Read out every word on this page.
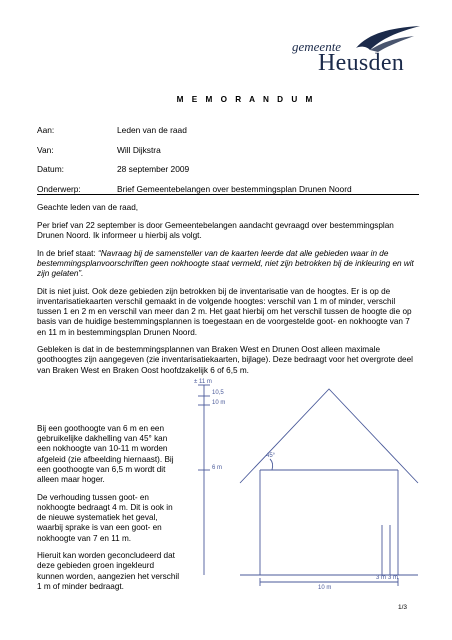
gemeente
Heusden
M E M O R A N D U M
Aan:	Leden van de raad
Van:	Will Dijkstra
Datum:	28 september 2009
Onderwerp:	Brief Gemeentebelangen over bestemmingsplan Drunen Noord

Geachte leden van de raad,

Per brief van 22 september is door Gemeentebelangen aandacht gevraagd over bestemmingsplan Drunen Noord. Ik informeer u hierbij als volgt.

In de brief staat: “Navraag bij de samensteller van de kaarten leerde dat alle gebieden waar in de bestemmingsplanvoorschriften geen nokhoogte staat vermeld, niet zijn betrokken bij de inkleuring en wit zijn gelaten”.

Dit is niet juist. Ook deze gebieden zijn betrokken bij de inventarisatie van de hoogtes. Er is op de inventarisatiekaarten verschil gemaakt in de volgende hoogtes: verschil van 1 m of minder, verschil tussen 1 en 2 m en verschil van meer dan 2 m. Het gaat hierbij om het verschil tussen de hoogte die op basis van de huidige bestemmingsplannen is toegestaan en de voorgestelde goot- en nokhoogte van 7 en 11 m in bestemmingsplan Drunen Noord.

Gebleken is dat in de bestemmingsplannen van Braken West en Drunen Oost alleen maximale goothoogtes zijn aangegeven (zie inventarisatiekaarten, bijlage). Deze bedraagt voor het overgrote deel van Braken West en Braken Oost hoofdzakelijk 6 of 6,5 m.

Bij een goothoogte van 6 m en een gebruikelijke dakhelling van 45° kan een nokhoogte van 10-11 m worden afgeleid (zie afbeelding hiernaast). Bij een goothoogte van 6,5 m wordt dit alleen maar hoger.

De verhouding tussen goot- en nokhoogte bedraagt 4 m. Dit is ook in de nieuwe systematiek het geval, waarbij sprake is van een goot- en nokhoogte van 7 en 11 m.

Hieruit kan worden geconcludeerd dat deze gebieden groen ingekleurd kunnen worden, aangezien het verschil 1 m of minder bedraagt.

± 11 m
10,5
10 m
6 m
45°
3 m 3 m
10 m
1/3
